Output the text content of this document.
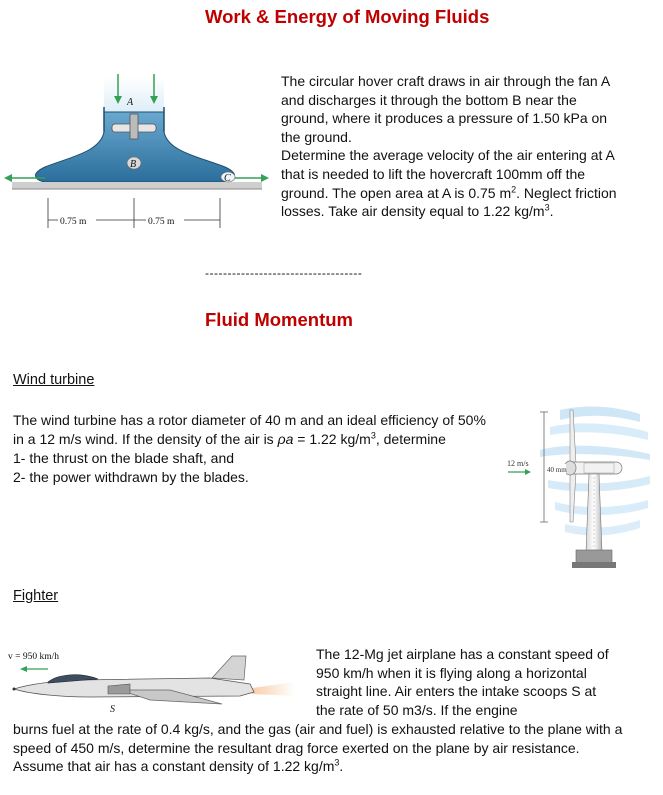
Work & Energy of Moving Fluids
A
B
C
0.75 m	0.75 m
The circular hover craft draws in air through the fan A and discharges it through the bottom B near the ground, where it produces a pressure of 1.50 kPa on the ground.
Determine the average velocity of the air entering at A that is needed to lift the hovercraft 100mm off the ground. The open area at A is 0.75 $m^2$. Neglect friction losses. Take air density equal to 1.22 $kg/m^3$.
-----------------------------------
Fluid Momentum
Wind turbine
The wind turbine has a rotor diameter of 40 m and an ideal efficiency of 50% in a 12 m/s wind. If the density of the air is ρa = 1.22 $kg/m^3$, determine
1- the thrust on the blade shaft, and
2- the power withdrawn by the blades.
12 m/s
40 mm
Fighter
v = 950 km/h
S
The 12-Mg jet airplane has a constant speed of 950 km/h when it is flying along a horizontal straight line. Air enters the intake scoops S at the rate of 50 m3/s. If the engine
burns fuel at the rate of 0.4 kg/s, and the gas (air and fuel) is exhausted relative to the plane with a speed of 450 m/s, determine the resultant drag force exerted on the plane by air resistance. Assume that air has a constant density of 1.22 $kg/m^3$.
